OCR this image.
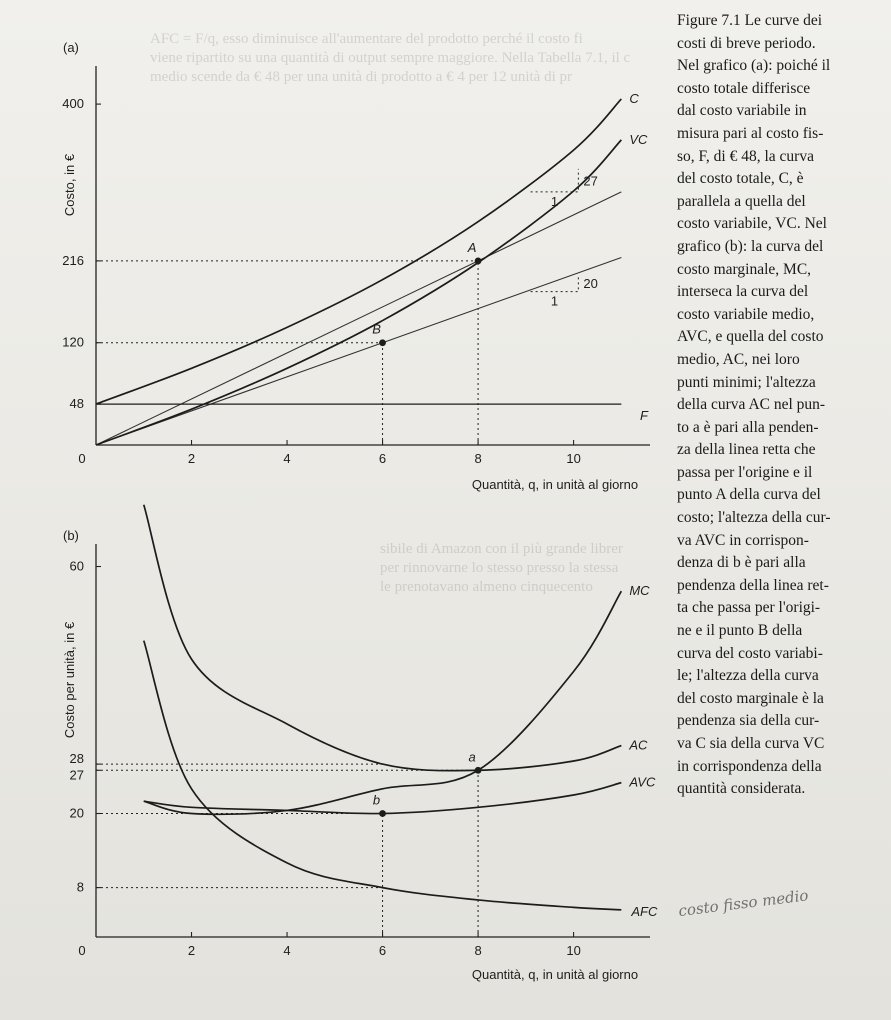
AFC = F/q, esso diminuisce all'aumentare del prodotto perché il costo fi
viene ripartito su una quantità di output sempre maggiore. Nella Tabella 7.1, il c
medio scende da € 48 per una unità di prodotto a € 4 per 12 unità di pr
sibile di Amazon con il più grande librer
per rinnovarne lo stesso presso la stessa
le prenotavano almeno cinquecento
(a)
Costo, in €
Quantità, q, in unità al giorno
C
VC
F
A
B
0	2	4	6	8	10
48
120
216
400
27
1
20
1
(b)
Costo per unità, in €
Quantità, q, in unità al giorno
MC
AC
AVC
AFC
a
b
0	2	4	6	8	10
8
20
27
28
60
Figure 7.1 Le curve dei
costi di breve periodo.
Nel grafico (a): poiché il
costo totale differisce
dal costo variabile in
misura pari al costo fis-
so, F, di € 48, la curva
del costo totale, C, è
parallela a quella del
costo variabile, VC. Nel
grafico (b): la curva del
costo marginale, MC,
interseca la curva del
costo variabile medio,
AVC, e quella del costo
medio, AC, nei loro
punti minimi; l'altezza
della curva AC nel pun-
to a è pari alla penden-
za della linea retta che
passa per l'origine e il
punto A della curva del
costo; l'altezza della cur-
va AVC in corrispon-
denza di b è pari alla
pendenza della linea ret-
ta che passa per l'origi-
ne e il punto B della
curva del costo variabi-
le; l'altezza della curva
del costo marginale è la
pendenza sia della cur-
va C sia della curva VC
in corrispondenza della
quantità considerata.
costo fisso medio
